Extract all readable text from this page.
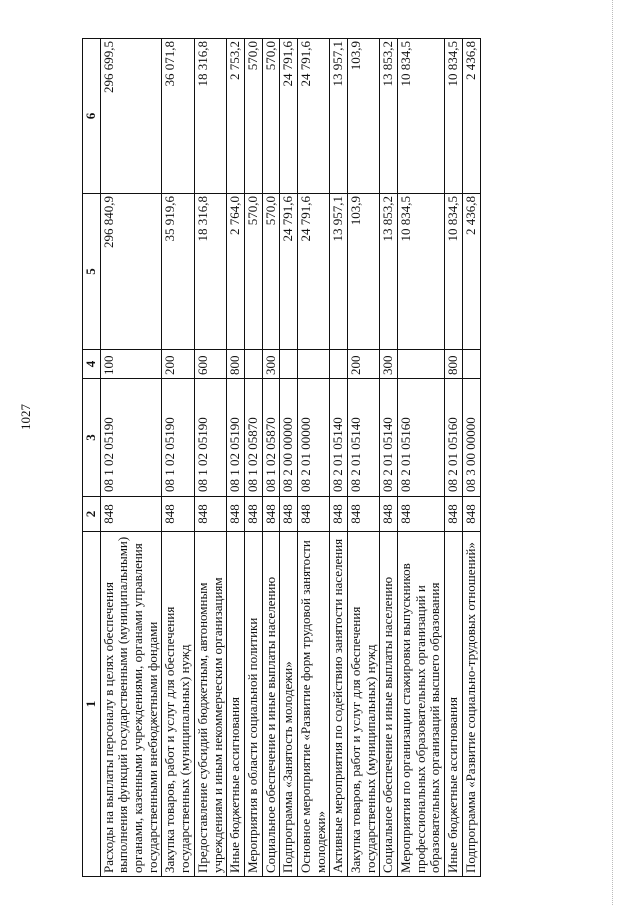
1027
1	2	3	4	5	6
Расходы на выплаты персоналу в целях обеспечения выполнения функций государственными (муниципальными) органами, казенными учреждениями, органами управления государственными внебюджетными фондами	848	08 1 02 05190	100	296 840,9	296 699,5
Закупка товаров, работ и услуг для обеспечения государственных (муниципальных) нужд	848	08 1 02 05190	200	35 919,6	36 071,8
Предоставление субсидий бюджетным, автономным учреждениям и иным некоммерческим организациям	848	08 1 02 05190	600	18 316,8	18 316,8
Иные бюджетные ассигнования	848	08 1 02 05190	800	2 764,0	2 753,2
Мероприятия в области социальной политики	848	08 1 02 05870		570,0	570,0
Социальное обеспечение и иные выплаты населению	848	08 1 02 05870	300	570,0	570,0
Подпрограмма «Занятость молодежи»	848	08 2 00 00000		24 791,6	24 791,6
Основное мероприятие «Развитие форм трудовой занятости молодежи»	848	08 2 01 00000		24 791,6	24 791,6
Активные мероприятия по содействию занятости населения	848	08 2 01 05140		13 957,1	13 957,1
Закупка товаров, работ и услуг для обеспечения государственных (муниципальных) нужд	848	08 2 01 05140	200	103,9	103,9
Социальное обеспечение и иные выплаты населению	848	08 2 01 05140	300	13 853,2	13 853,2
Мероприятия по организации стажировки выпускников профессиональных образовательных организаций и образовательных организаций высшего образования	848	08 2 01 05160		10 834,5	10 834,5
Иные бюджетные ассигнования	848	08 2 01 05160	800	10 834,5	10 834,5
Подпрограмма «Развитие социально-трудовых отношений»	848	08 3 00 00000		2 436,8	2 436,8
